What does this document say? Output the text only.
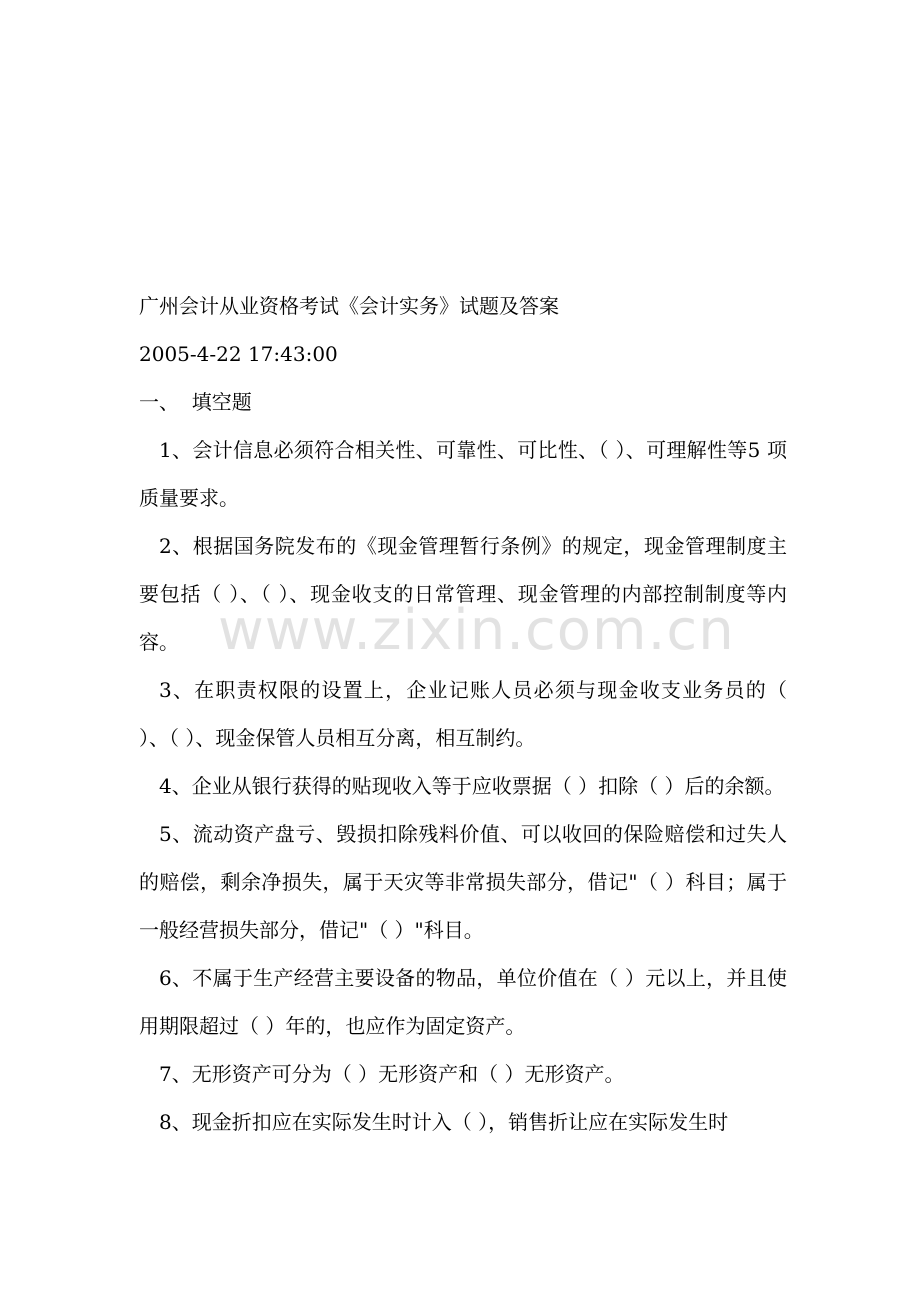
广州会计从业资格考试《会计实务》试题及答案
2005-4-22 17:43:00
一、  填空题
1、会计信息必须符合相关性、可靠性、可比性、（ ）、可理解性等5 项质量要求。
2、根据国务院发布的《现金管理暂行条例》的规定，现金管理制度主要包括（ ）、（ ）、现金收支的日常管理、现金管理的内部控制制度等内容。
3、在职责权限的设置上，企业记账人员必须与现金收支业务员的（ ）、（ ）、现金保管人员相互分离，相互制约。
4、企业从银行获得的贴现收入等于应收票据（ ）扣除（ ）后的余额。
5、流动资产盘亏、毁损扣除残料价值、可以收回的保险赔偿和过失人的赔偿，剩余净损失，属于天灾等非常损失部分，借记"（ ）科目；属于一般经营损失部分，借记"（ ）"科目。
6、不属于生产经营主要设备的物品，单位价值在（ ）元以上，并且使用期限超过（ ）年的，也应作为固定资产。
7、无形资产可分为（ ）无形资产和（ ）无形资产。
8、现金折扣应在实际发生时计入（ ），销售折让应在实际发生时
www.zixin.com.cn
